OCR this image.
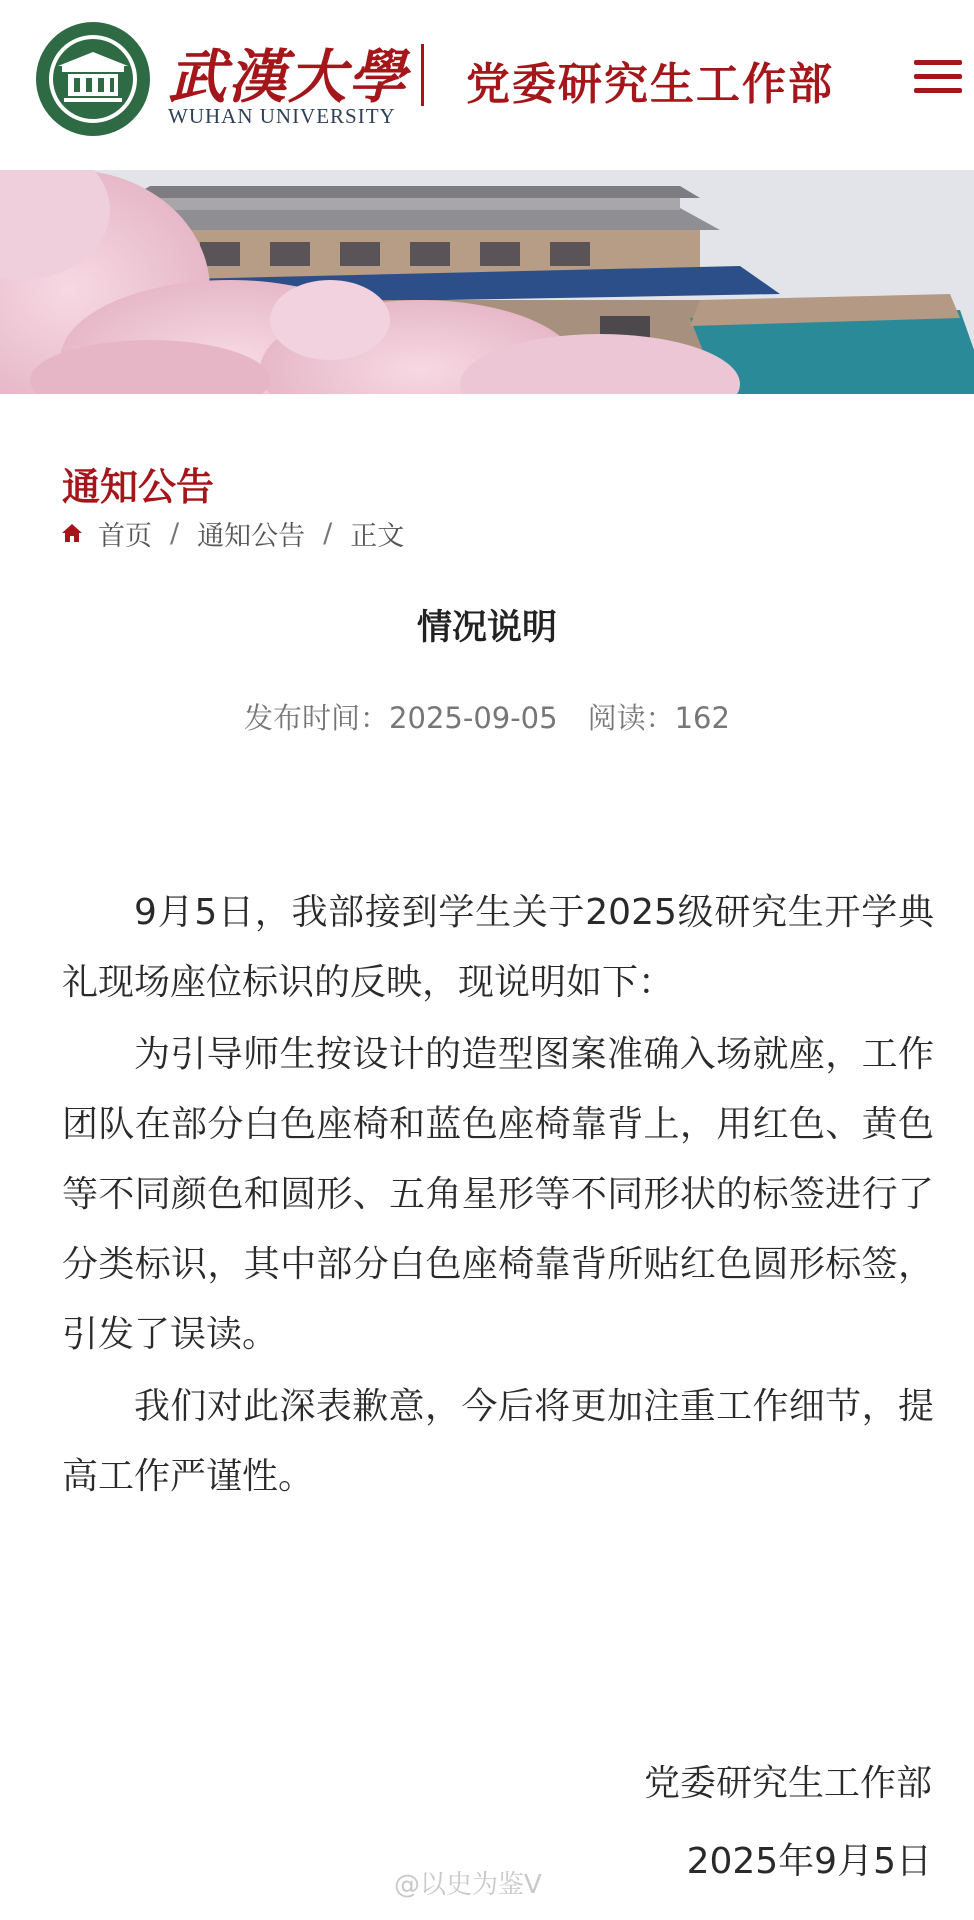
武漢大學
WUHAN UNIVERSITY
党委研究生工作部
通知公告
首页 / 通知公告 / 正文
情况说明
发布时间：2025-09-05 阅读：162

9月5日，我部接到学生关于2025级研究生开学典礼现场座位标识的反映，现说明如下：

为引导师生按设计的造型图案准确入场就座，工作团队在部分白色座椅和蓝色座椅靠背上，用红色、黄色等不同颜色和圆形、五角星形等不同形状的标签进行了分类标识，其中部分白色座椅靠背所贴红色圆形标签，引发了误读。

我们对此深表歉意，今后将更加注重工作细节，提高工作严谨性。

党委研究生工作部
2025年9月5日
@以史为鉴V
